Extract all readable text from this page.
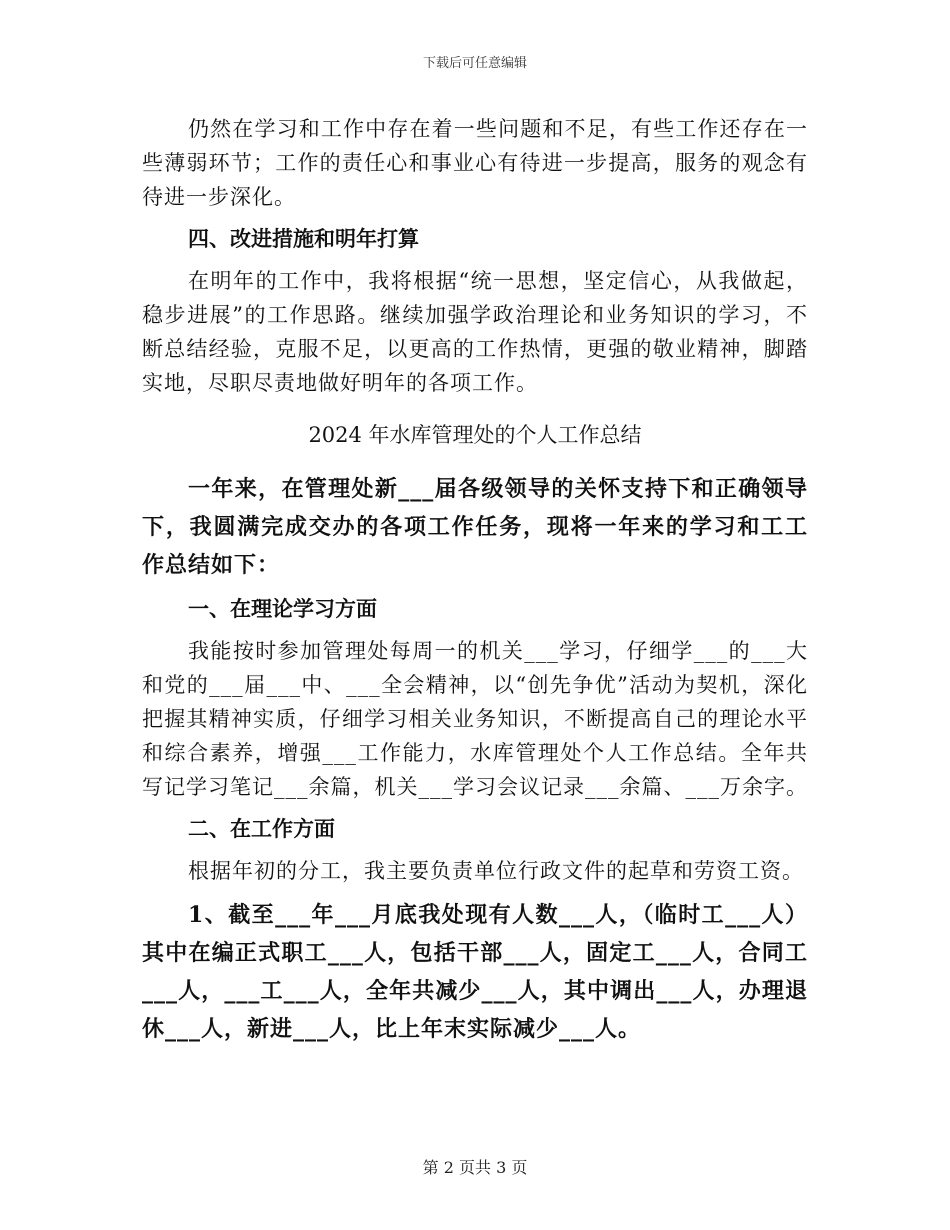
下载后可任意编辑

仍然在学习和工作中存在着一些问题和不足，有些工作还存在一些薄弱环节；工作的责任心和事业心有待进一步提高，服务的观念有待进一步深化。

四、改进措施和明年打算

在明年的工作中，我将根据“统一思想，坚定信心，从我做起，稳步进展”的工作思路。继续加强学政治理论和业务知识的学习，不断总结经验，克服不足，以更高的工作热情，更强的敬业精神，脚踏实地，尽职尽责地做好明年的各项工作。

2024 年水库管理处的个人工作总结

一年来，在管理处新___届各级领导的关怀支持下和正确领导下，我圆满完成交办的各项工作任务，现将一年来的学习和工工作总结如下：

一、在理论学习方面

我能按时参加管理处每周一的机关___学习，仔细学___的___大和党的___届___中、___全会精神，以“创先争优”活动为契机，深化把握其精神实质，仔细学习相关业务知识，不断提高自己的理论水平和综合素养，增强___工作能力，水库管理处个人工作总结。全年共写记学习笔记___余篇，机关___学习会议记录___余篇、___万余字。

二、在工作方面

根据年初的分工，我主要负责单位行政文件的起草和劳资工资。

1、截至___年___月底我处现有人数___人，（临时工___人）其中在编正式职工___人，包括干部___人，固定工___人，合同工___人，___工___人，全年共减少___人，其中调出___人，办理退休___人，新进___人，比上年末实际减少___人。

第 2 页共 3 页
